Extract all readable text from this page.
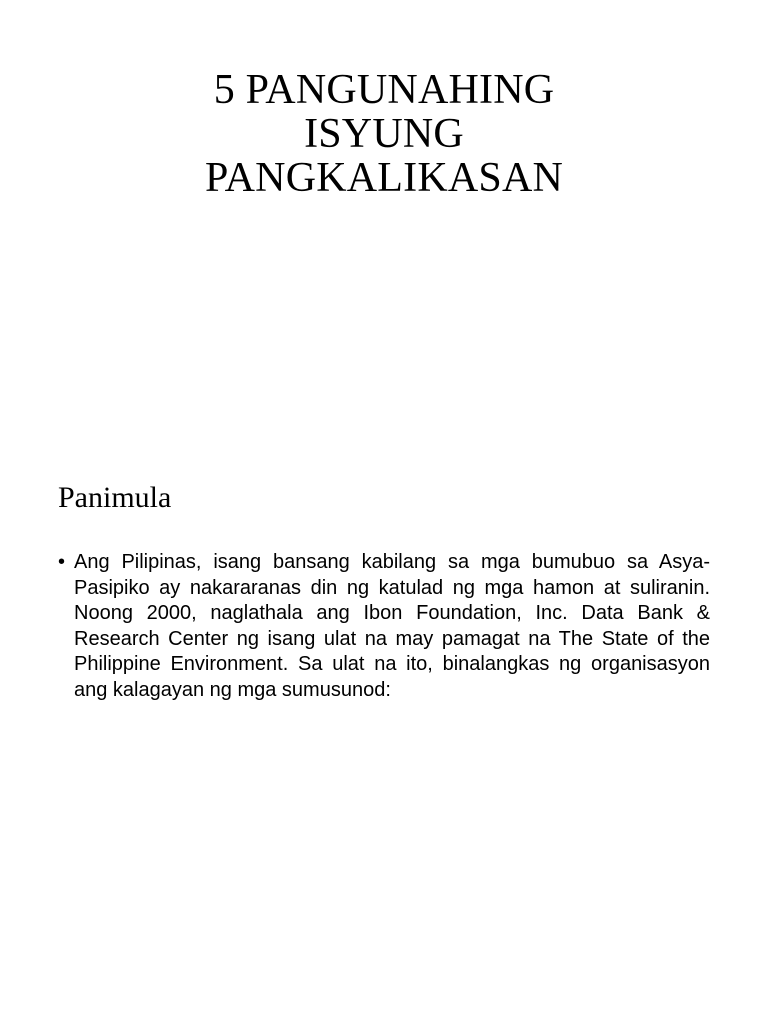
5 PANGUNAHING
ISYUNG
PANGKALIKASAN
Panimula
• Ang Pilipinas, isang bansang kabilang sa mga bumubuo sa Asya-Pasipiko ay nakararanas din ng katulad ng mga hamon at suliranin. Noong 2000, naglathala ang Ibon Foundation, Inc. Data Bank & Research Center ng isang ulat na may pamagat na The State of the Philippine Environment. Sa ulat na ito, binalangkas ng organisasyon ang kalagayan ng mga sumusunod:
